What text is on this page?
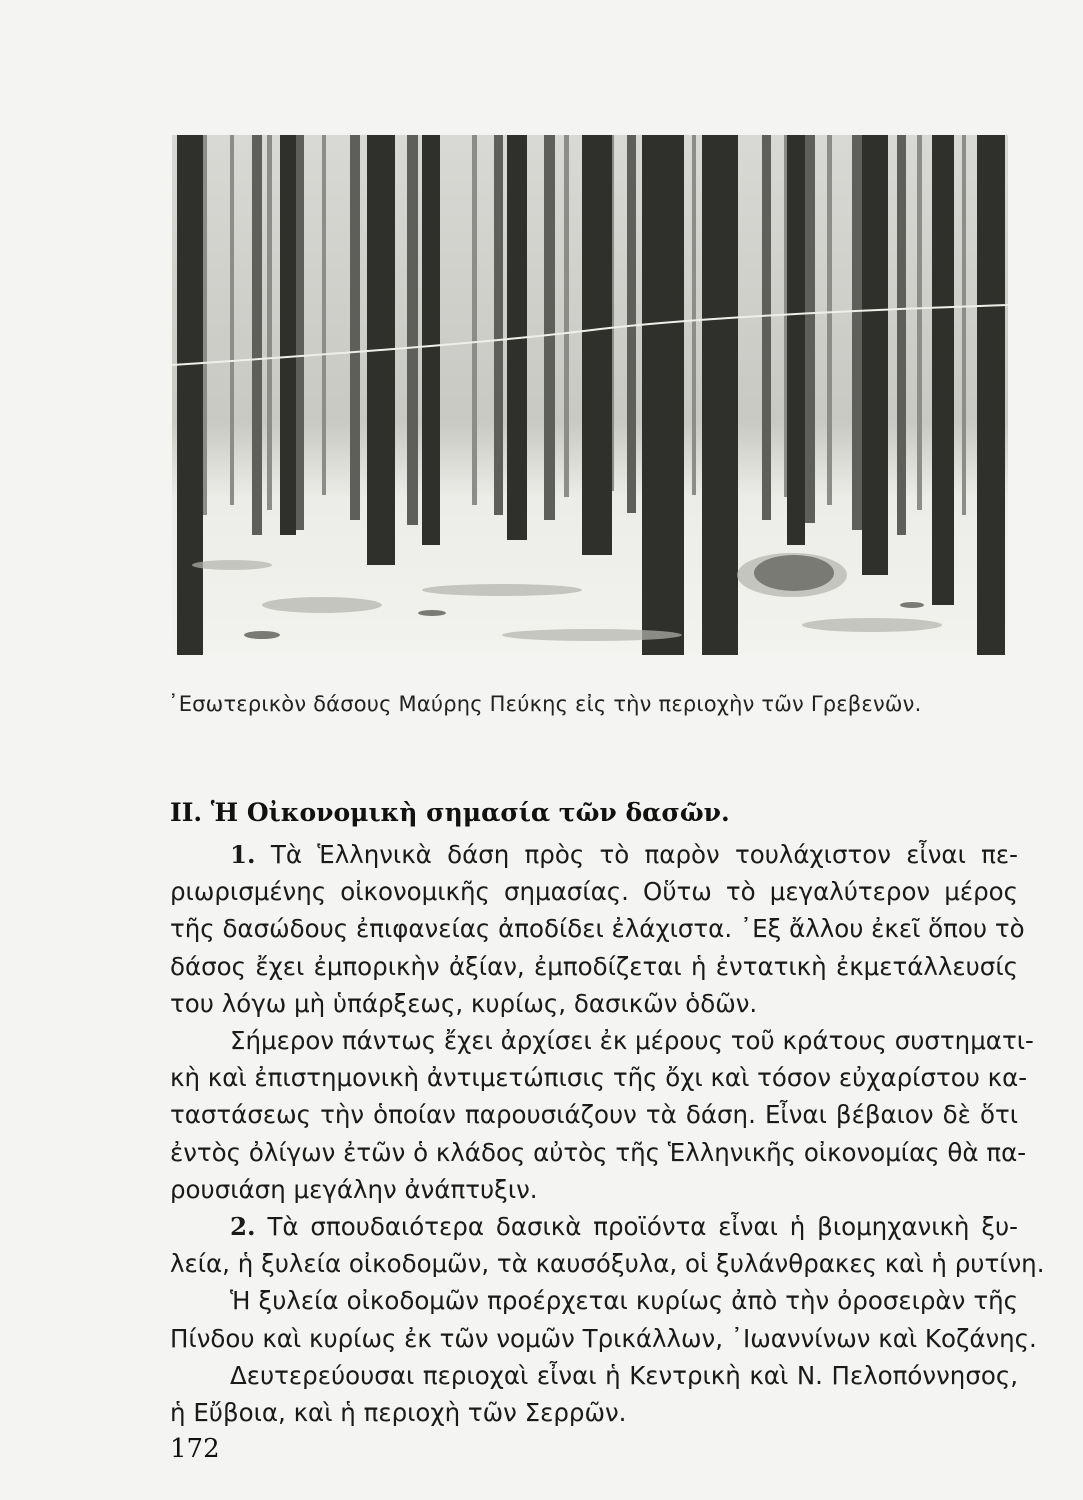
᾽Εσωτερικὸν δάσους Μαύρης Πεύκης εἰς τὴν περιοχὴν τῶν Γρεβενῶν.
ΙΙ. Ἡ Οἰκονομικὴ σημασία τῶν δασῶν.

1. Τὰ Ἑλληνικὰ δάση πρὸς τὸ παρὸν τουλάχιστον εἶναι πε-
ριωρισμένης οἰκονομικῆς σημασίας. Οὕτω τὸ μεγαλύτερον μέρος
τῆς δασώδους ἐπιφανείας ἀποδίδει ἐλάχιστα. ᾽Εξ ἄλλου ἐκεῖ ὅπου τὸ
δάσος ἔχει ἐμπορικὴν ἀξίαν, ἐμποδίζεται ἡ ἐντατικὴ ἐκμετάλλευσίς
του λόγω μὴ ὑπάρξεως, κυρίως, δασικῶν ὁδῶν.

Σήμερον πάντως ἔχει ἀρχίσει ἐκ μέρους τοῦ κράτους συστηματι-
κὴ καὶ ἐπιστημονικὴ ἀντιμετώπισις τῆς ὄχι καὶ τόσον εὐχαρίστου κα-
ταστάσεως τὴν ὁποίαν παρουσιάζουν τὰ δάση. Εἶναι βέβαιον δὲ ὅτι
ἐντὸς ὀλίγων ἐτῶν ὁ κλάδος αὐτὸς τῆς Ἑλληνικῆς οἰκονομίας θὰ πα-
ρουσιάση μεγάλην ἀνάπτυξιν.

2. Τὰ σπουδαιότερα δασικὰ προϊόντα εἶναι ἡ βιομηχανικὴ ξυ-
λεία, ἡ ξυλεία οἰκοδομῶν, τὰ καυσόξυλα, οἱ ξυλάνθρακες καὶ ἡ ρυτίνη.

Ἡ ξυλεία οἰκοδομῶν προέρχεται κυρίως ἀπὸ τὴν ὀροσειρὰν τῆς
Πίνδου καὶ κυρίως ἐκ τῶν νομῶν Τρικάλλων, ᾽Ιωαννίνων καὶ Κοζάνης.

Δευτερεύουσαι περιοχαὶ εἶναι ἡ Κεντρικὴ καὶ Ν. Πελοπόννησος,
ἡ Εὔβοια, καὶ ἡ περιοχὴ τῶν Σερρῶν.

172
